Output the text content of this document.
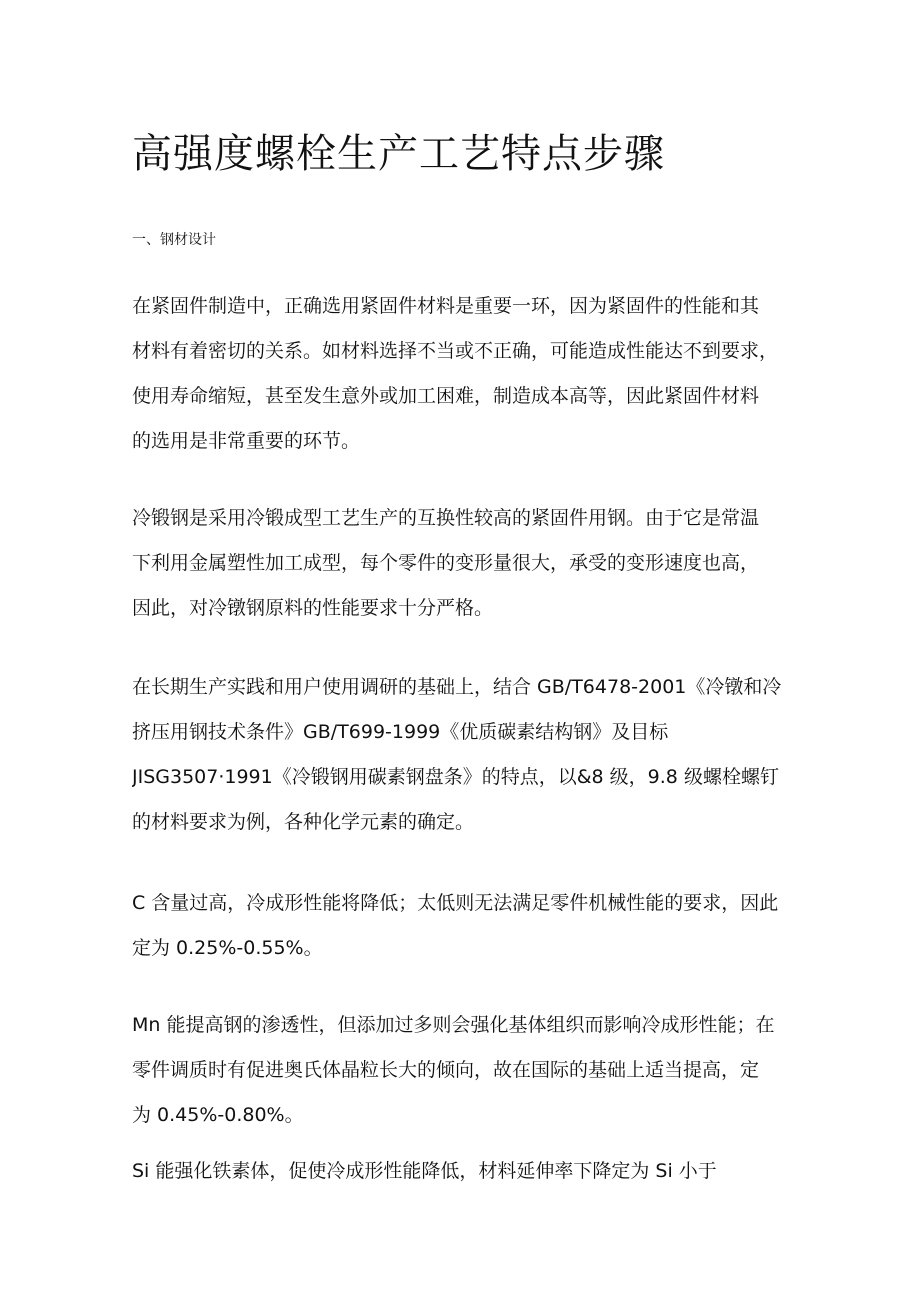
高强度螺栓生产工艺特点步骤
一、钢材设计

在紧固件制造中，正确选用紧固件材料是重要一环，因为紧固件的性能和其
材料有着密切的关系。如材料选择不当或不正确，可能造成性能达不到要求，
使用寿命缩短，甚至发生意外或加工困难，制造成本高等，因此紧固件材料
的选用是非常重要的环节。

冷锻钢是采用冷锻成型工艺生产的互换性较高的紧固件用钢。由于它是常温
下利用金属塑性加工成型，每个零件的变形量很大，承受的变形速度也高，
因此，对冷镦钢原料的性能要求十分严格。

在长期生产实践和用户使用调研的基础上，结合 GB/T6478-2001《冷镦和冷
挤压用钢技术条件》GB/T699-1999《优质碳素结构钢》及目标
JISG3507·1991《冷锻钢用碳素钢盘条》的特点，以&8 级，9.8 级螺栓螺钉
的材料要求为例，各种化学元素的确定。

C 含量过高，冷成形性能将降低；太低则无法满足零件机械性能的要求，因此
定为 0.25%-0.55%。

Mn 能提高钢的渗透性，但添加过多则会强化基体组织而影响冷成形性能；在
零件调质时有促进奥氏体晶粒长大的倾向，故在国际的基础上适当提高，定
为 0.45%-0.80%。

Si 能强化铁素体，促使冷成形性能降低，材料延伸率下降定为 Si 小于
